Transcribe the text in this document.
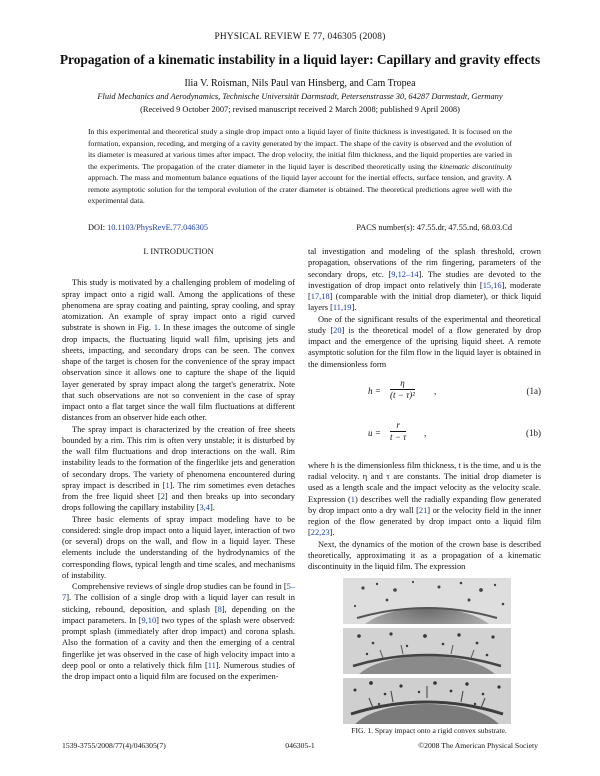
PHYSICAL REVIEW E 77, 046305 (2008)
Propagation of a kinematic instability in a liquid layer: Capillary and gravity effects
Ilia V. Roisman, Nils Paul van Hinsberg, and Cam Tropea
Fluid Mechanics and Aerodynamics, Technische Universität Darmstadt, Petersenstrasse 30, 64287 Darmstadt, Germany
(Received 9 October 2007; revised manuscript received 2 March 2008; published 9 April 2008)
In this experimental and theoretical study a single drop impact onto a liquid layer of finite thickness is investigated. It is focused on the formation, expansion, receding, and merging of a cavity generated by the impact. The shape of the cavity is observed and the evolution of its diameter is measured at various times after impact. The drop velocity, the initial film thickness, and the liquid properties are varied in the experiments. The propagation of the crater diameter in the liquid layer is described theoretically using the kinematic discontinuity approach. The mass and momentum balance equations of the liquid layer account for the inertial effects, surface tension, and gravity. A remote asymptotic solution for the temporal evolution of the crater diameter is obtained. The theoretical predictions agree well with the experimental data.
DOI: 10.1103/PhysRevE.77.046305	PACS number(s): 47.55.dr, 47.55.nd, 68.03.Cd

I. INTRODUCTION

This study is motivated by a challenging problem of modeling of spray impact onto a rigid wall. Among the applications of these phenomena are spray coating and painting, spray cooling, and spray atomization. An example of spray impact onto a rigid curved substrate is shown in Fig. 1. In these images the outcome of single drop impacts, the fluctuating liquid wall film, uprising jets and sheets, impacting, and secondary drops can be seen. The convex shape of the target is chosen for the convenience of the spray impact observation since it allows one to capture the shape of the liquid layer generated by spray impact along the target's generatrix. Note that such observations are not so convenient in the case of spray impact onto a flat target since the wall film fluctuations at different distances from an observer hide each other.

The spray impact is characterized by the creation of free sheets bounded by a rim. This rim is often very unstable; it is disturbed by the wall film fluctuations and drop interactions on the wall. Rim instability leads to the formation of the fingerlike jets and generation of secondary drops. The variety of phenomena encountered during spray impact is described in [1]. The rim sometimes even detaches from the free liquid sheet [2] and then breaks up into secondary drops following the capillary instability [3,4].

Three basic elements of spray impact modeling have to be considered: single drop impact onto a liquid layer, interaction of two (or several) drops on the wall, and flow in a liquid layer. These elements include the understanding of the hydrodynamics of the corresponding flows, typical length and time scales, and mechanisms of instability.

Comprehensive reviews of single drop studies can be found in [5–7]. The collision of a single drop with a liquid layer can result in sticking, rebound, deposition, and splash [8], depending on the impact parameters. In [9,10] two types of the splash were observed: prompt splash (immediately after drop impact) and corona splash. Also the formation of a cavity and then the emerging of a central fingerlike jet was observed in the case of high velocity impact into a deep pool or onto a relatively thick film [11]. Numerous studies of the drop impact onto a liquid film are focused on the experimen-

tal investigation and modeling of the splash threshold, crown propagation, observations of the rim fingering, parameters of the secondary drops, etc. [9,12–14]. The studies are devoted to the investigation of drop impact onto relatively thin [15,16], moderate [17,18] (comparable with the initial drop diameter), or thick liquid layers [11,19].

One of the significant results of the experimental and theoretical study [20] is the theoretical model of a flow generated by drop impact and the emergence of the uprising liquid sheet. A remote asymptotic solution for the film flow in the liquid layer is obtained in the dimensionless form

$h = \frac{\eta}{\text{(t − τ)²}}$ ,	(1a)
$u = \frac{r}{t - \tau}$ ,	(1b)

where h is the dimensionless film thickness, t is the time, and u is the radial velocity. η and τ are constants. The initial drop diameter is used as a length scale and the impact velocity as the velocity scale. Expression (1) describes well the radially expanding flow generated by drop impact onto a dry wall [21] or the velocity field in the inner region of the flow generated by drop impact onto a liquid film [22,23].

Next, the dynamics of the motion of the crown base is described theoretically, approximating it as a propagation of a kinematic discontinuity in the liquid film. The expression

FIG. 1. Spray impact onto a rigid convex substrate.
1539-3755/2008/77(4)/046305(7)	046305-1	©2008 The American Physical Society
